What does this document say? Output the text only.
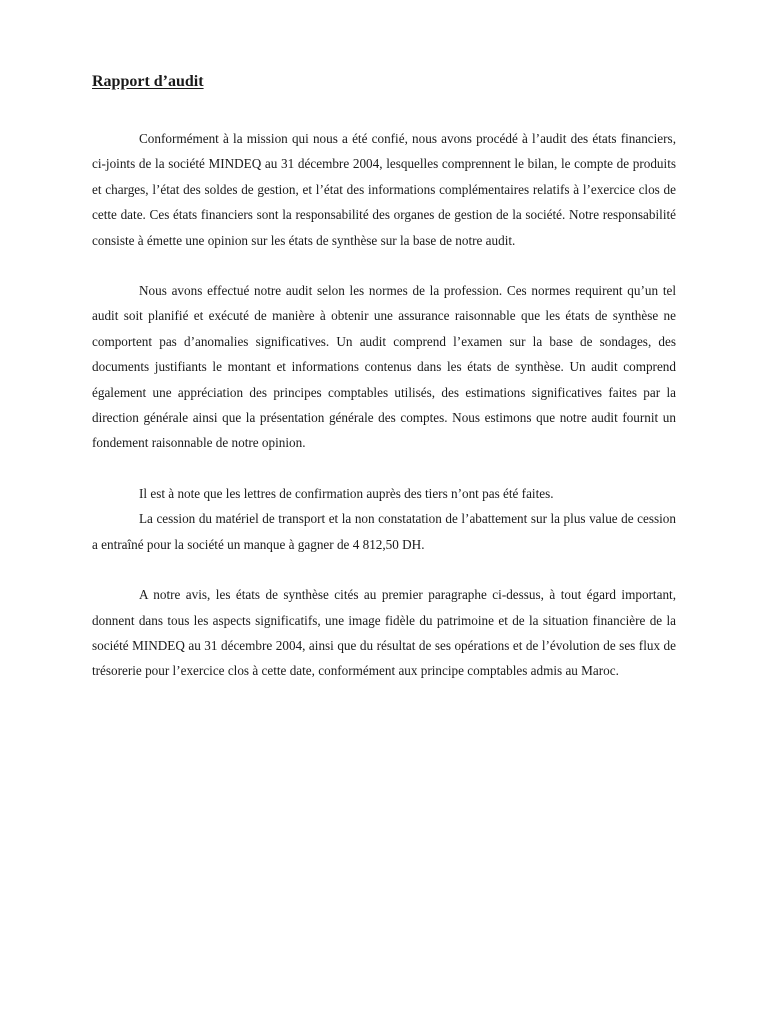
Rapport d’audit

Conformément à la mission qui nous a été confié, nous avons procédé à l’audit des états financiers, ci-joints de la société MINDEQ au 31 décembre 2004, lesquelles comprennent le bilan, le compte de produits et charges, l’état des soldes de gestion, et l’état des informations complémentaires relatifs à l’exercice clos de cette date. Ces états financiers sont la responsabilité des organes de gestion de la société. Notre responsabilité consiste à émette une opinion sur les états de synthèse sur la base de notre audit.

Nous avons effectué notre audit selon les normes de la profession. Ces normes requirent qu’un tel audit soit planifié et exécuté de manière à obtenir une assurance raisonnable que les états de synthèse ne comportent pas d’anomalies significatives. Un audit comprend l’examen sur la base de sondages, des documents justifiants le montant et informations contenus dans les états de synthèse. Un audit comprend également une appréciation des principes comptables utilisés, des estimations significatives faites par la direction générale ainsi que la présentation générale des comptes. Nous estimons que notre audit fournit un fondement raisonnable de notre opinion.

Il est à note que les lettres de confirmation auprès des tiers n’ont pas été faites.

La cession du matériel de transport et la non constatation de l’abattement sur la plus value de cession a entraîné pour la société un manque à gagner de 4 812,50 DH.

A notre avis, les états de synthèse cités au premier paragraphe ci-dessus, à tout égard important, donnent dans tous les aspects significatifs, une image fidèle du patrimoine et de la situation financière de la société MINDEQ au 31 décembre 2004, ainsi que du résultat de ses opérations et de l’évolution de ses flux de trésorerie pour l’exercice clos à cette date, conformément aux principe comptables admis au Maroc.
